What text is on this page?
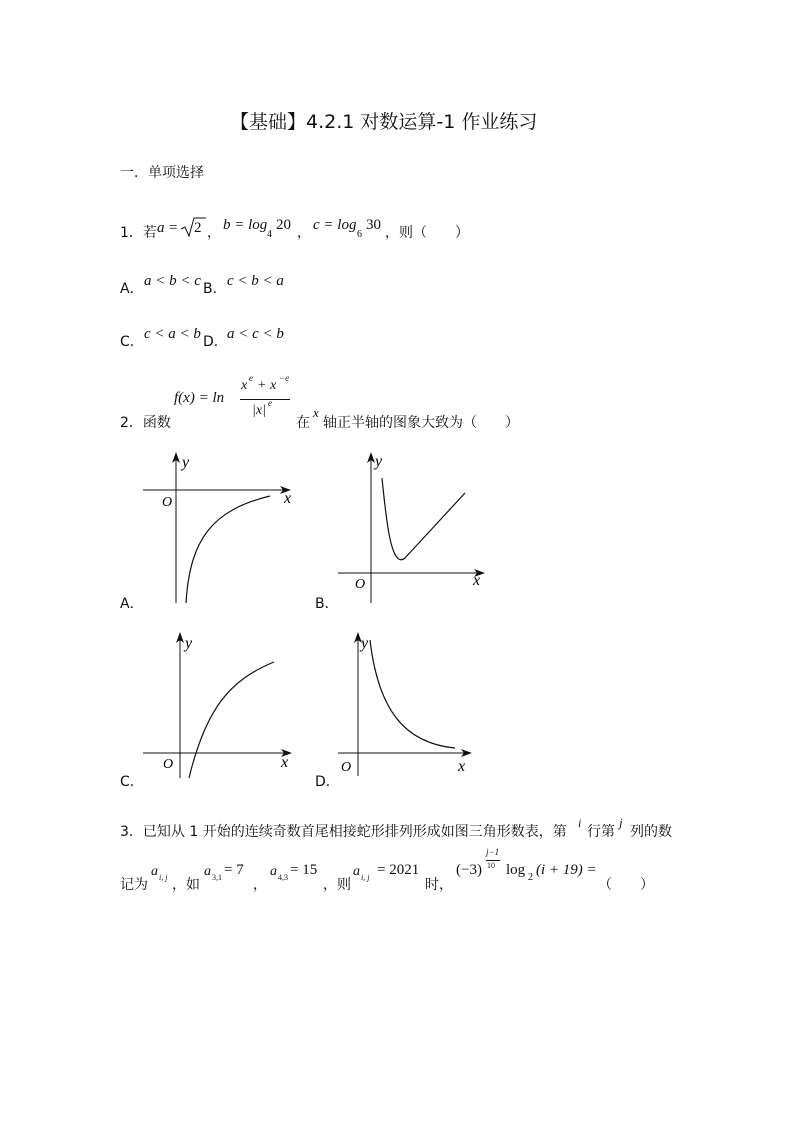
【基础】4.2.1 对数运算-1 作业练习
一．单项选择
1．若 a = 2 ， b = log
4
20 ， c = log
6
30 ，则（　　）
A． a < b < c B． c < b < a
C． c < a < b D． a < c < b
2．函数
f(x) = ln
x e + x −e
|x| e
在
x
轴正半轴的图象大致为（　　）
A．
y
x
O
B．
y
x
O
C．
y
x
O
D．
y
x
O
3．已知从 1 开始的连续奇数首尾相接蛇形排列形成如图三角形数表，第
i
行第
j
列的数
记为
a i, j ，如
a 3,1 = 7
，
a 4,3 = 15
，则
a i, j = 2021
时，
(−3)
j−1
10 log 2 (i + 19) =
（　　）
